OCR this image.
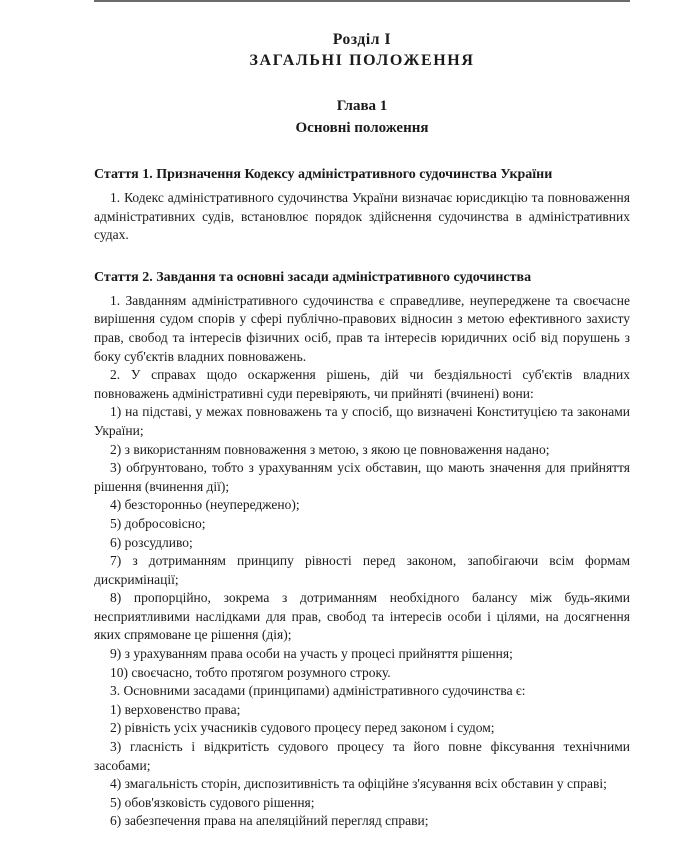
Розділ I
ЗАГАЛЬНІ ПОЛОЖЕННЯ
Глава 1
Основні положення
Стаття 1. Призначення Кодексу адміністративного судочинства України

1. Кодекс адміністративного судочинства України визначає юрисдикцію та повноваження адміністративних судів, встановлює порядок здійснення судочинства в адміністративних судах.

Стаття 2. Завдання та основні засади адміністративного судочинства

1. Завданням адміністративного судочинства є справедливе, неупереджене та своєчасне вирішення судом спорів у сфері публічно-правових відносин з метою ефективного захисту прав, свобод та інтересів фізичних осіб, прав та інтересів юридичних осіб від порушень з боку суб'єктів владних повноважень.

2. У справах щодо оскарження рішень, дій чи бездіяльності суб'єктів владних повноважень адміністративні суди перевіряють, чи прийняті (вчинені) вони:

1) на підставі, у межах повноважень та у спосіб, що визначені Конституцією та законами України;

2) з використанням повноваження з метою, з якою це повноваження надано;

3) обґрунтовано, тобто з урахуванням усіх обставин, що мають значення для прийняття рішення (вчинення дії);

4) безсторонньо (неупереджено);

5) добросовісно;

6) розсудливо;

7) з дотриманням принципу рівності перед законом, запобігаючи всім формам дискримінації;

8) пропорційно, зокрема з дотриманням необхідного балансу між будь-якими несприятливими наслідками для прав, свобод та інтересів особи і цілями, на досягнення яких спрямоване це рішення (дія);

9) з урахуванням права особи на участь у процесі прийняття рішення;

10) своєчасно, тобто протягом розумного строку.

3. Основними засадами (принципами) адміністративного судочинства є:

1) верховенство права;

2) рівність усіх учасників судового процесу перед законом і судом;

3) гласність і відкритість судового процесу та його повне фіксування технічними засобами;

4) змагальність сторін, диспозитивність та офіційне з'ясування всіх обставин у справі;

5) обов'язковість судового рішення;

6) забезпечення права на апеляційний перегляд справи;
